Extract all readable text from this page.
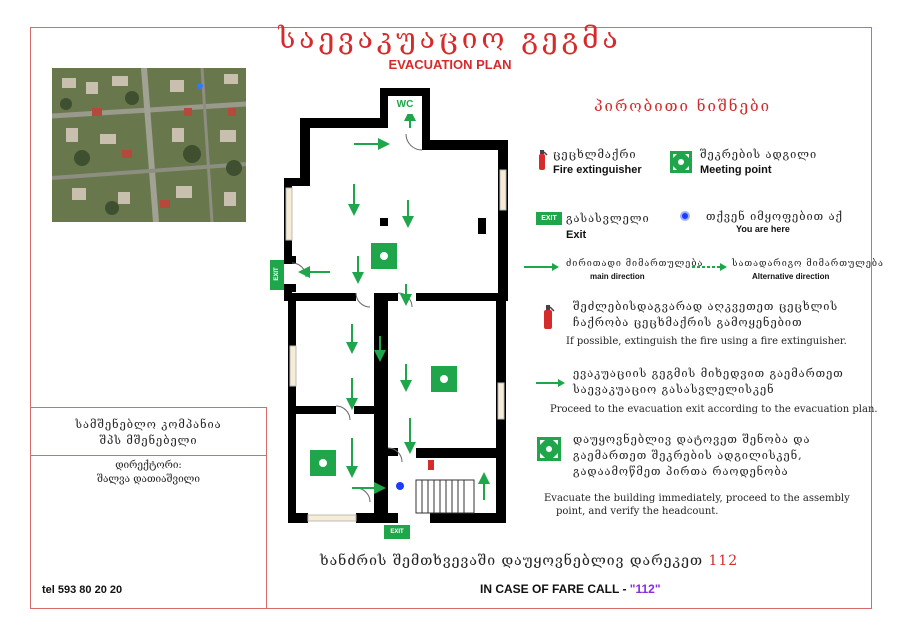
საევაკუაციო გეგმა
EVACUATION PLAN
WC
EXIT
EXIT
პირობითი ნიშნები
ცეცხლმაქრი
Fire extinguisher
შეკრების ადგილი
Meeting point
EXIT გასასვლელი
Exit
თქვენ იმყოფებით აქ
You are here
ძირითადი მიმართულება
main direction
სათადარიგო მიმართულება
Alternative direction
შეძლებისდაგვარად აღკვეთეთ ცეცხლის
ჩაქრობა ცეცხმაქრის გამოყენებით
If possible, extinguish the fire using a fire extinguisher.
ევაკუაციის გეგმის მიხედვით გაემართეთ
საევაკუაციო გასასვლელისკენ
Proceed to the evacuation exit according to the evacuation plan.
დაუყოვნებლივ დატოვეთ შენობა და
გაემართეთ შეკრების ადგილისკენ,
გადაამოწმეთ პირთა რაოდენობა
Evacuate the building immediately, proceed to the assembly
point, and verify the headcount.
სამშენებლო კომპანია
შპს მშენებელი
დირექტორი:
შალვა დათიაშვილი
tel 593 80 20 20
ხანძრის შემთხვევაში დაუყოვნებლივ დარეკეთ 112
IN CASE OF FARE CALL - "112"
